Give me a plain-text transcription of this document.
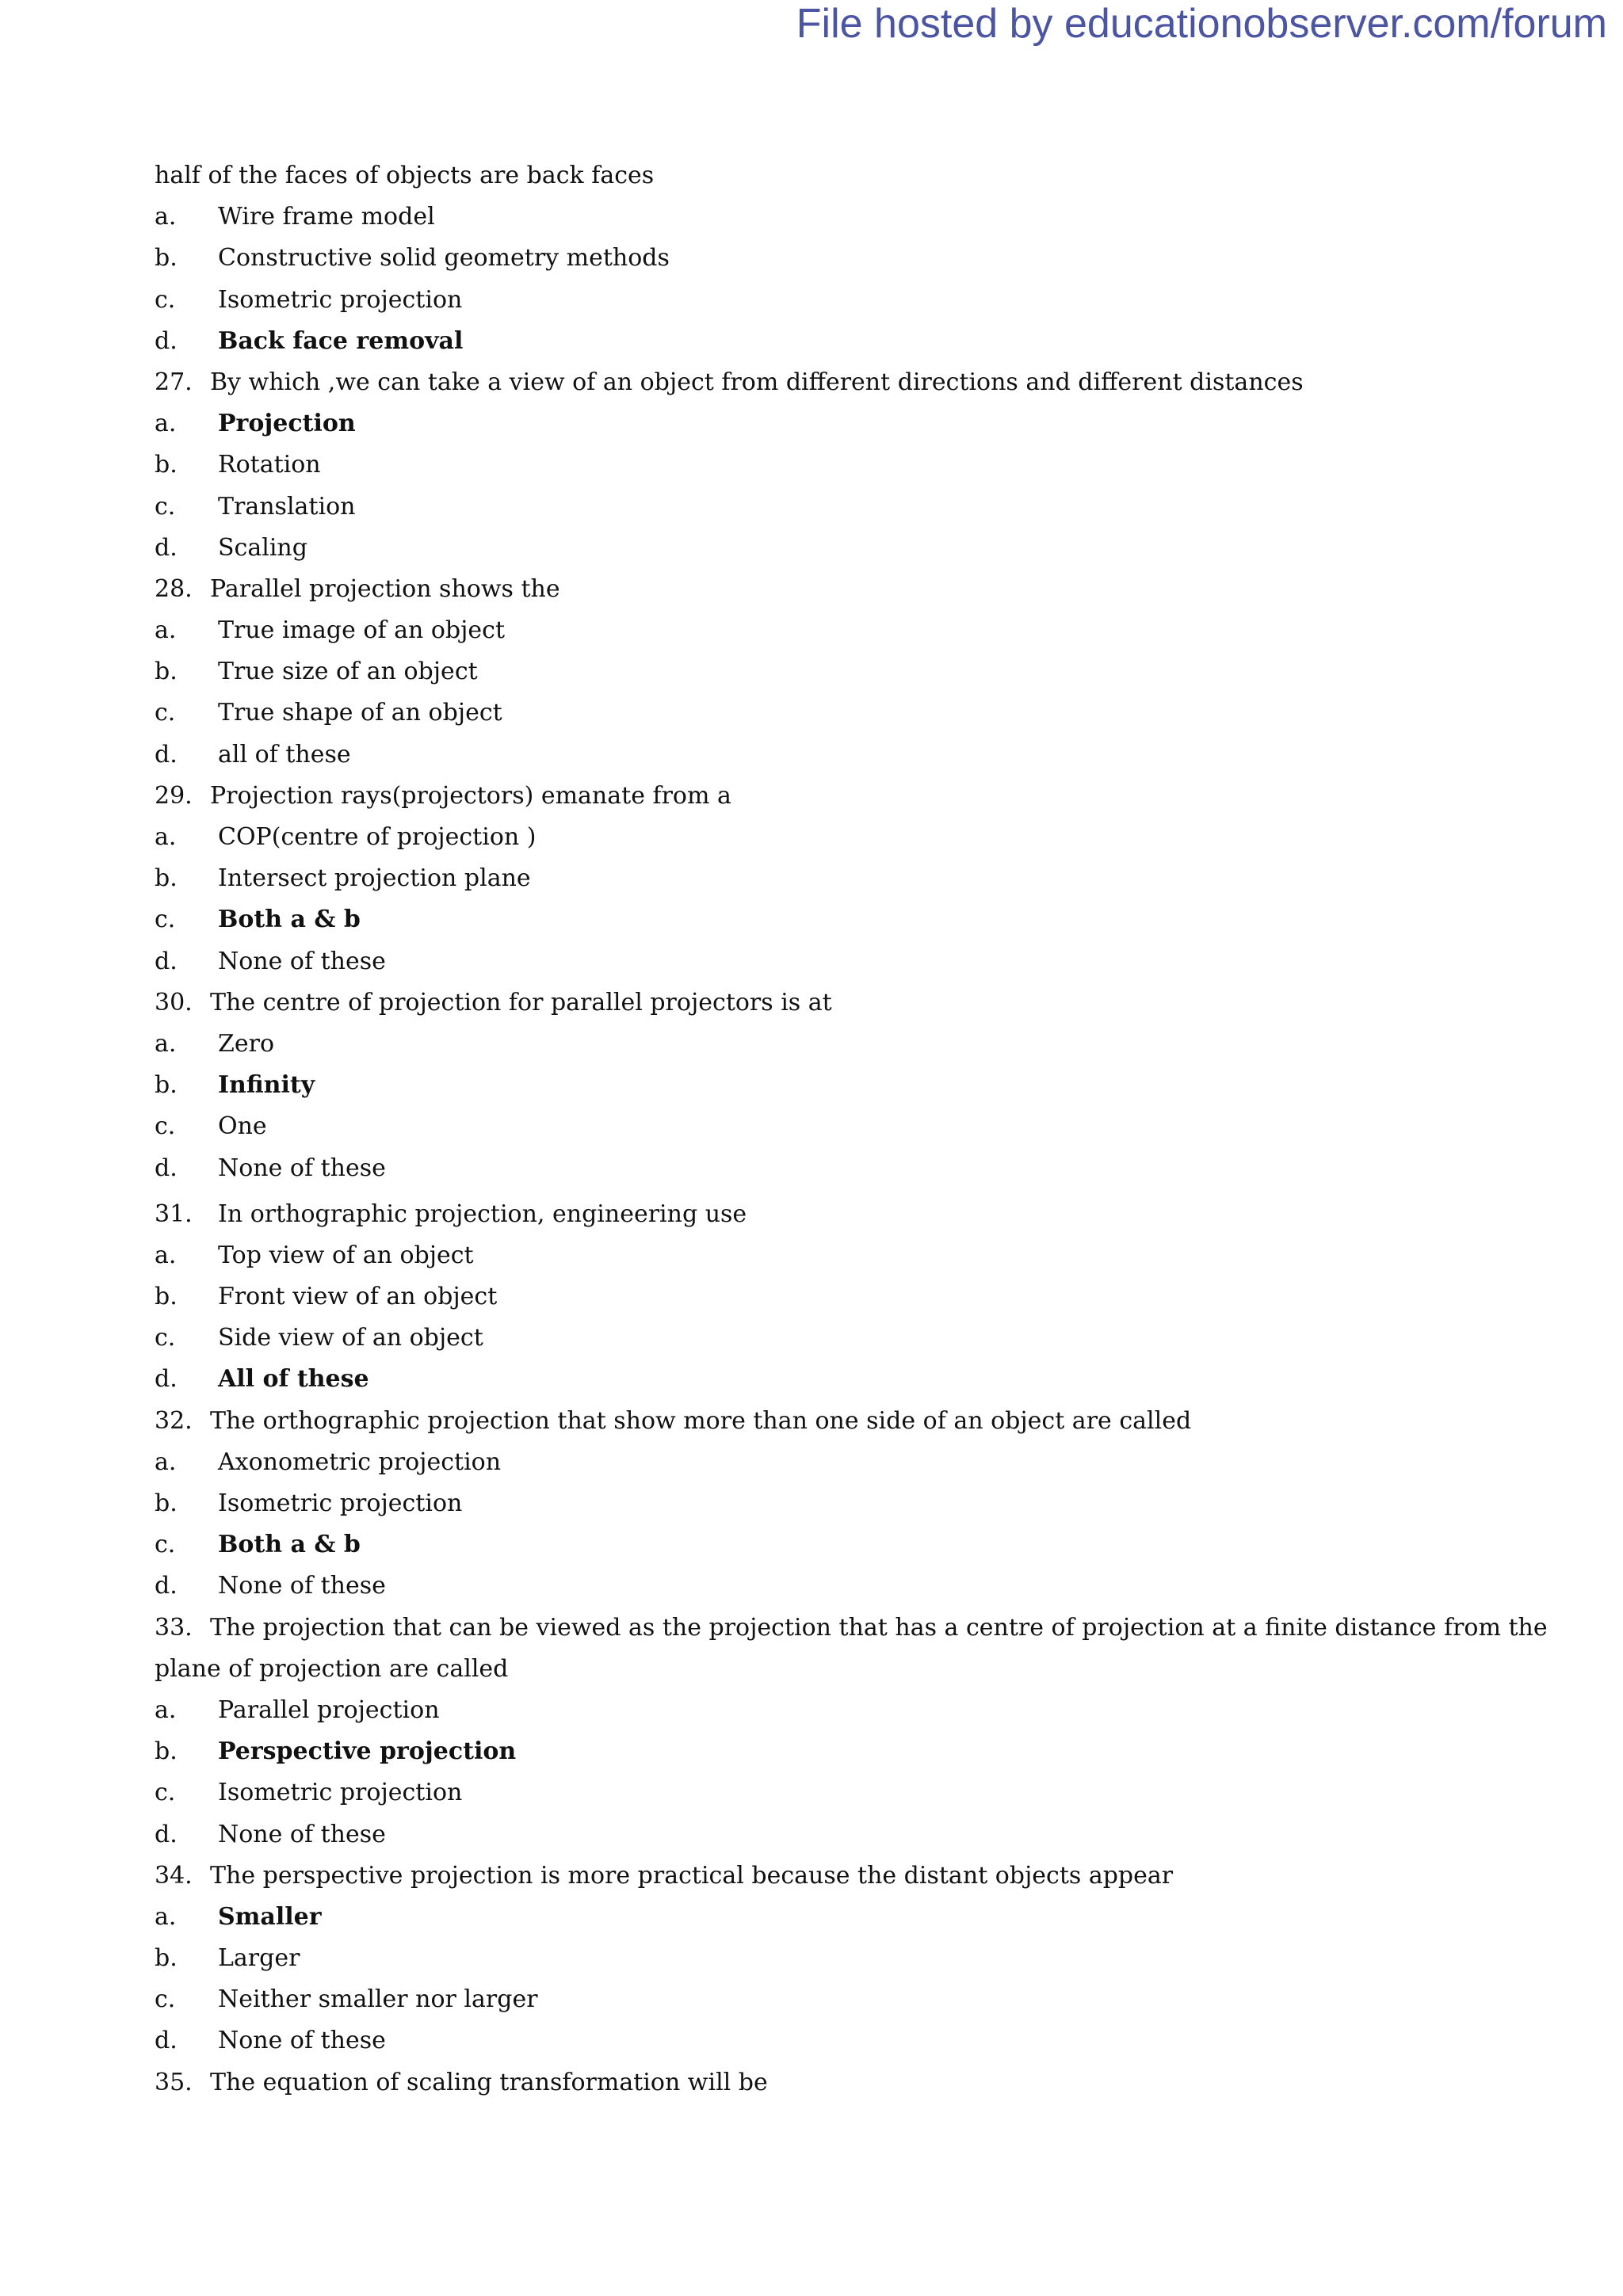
File hosted by educationobserver.com/forum
half of the faces of objects are back faces
a. Wire frame model
b. Constructive solid geometry methods
c. Isometric projection
d. Back face removal
27. By which ,we can take a view of an object from different directions and different distances
a. Projection
b. Rotation
c. Translation
d. Scaling
28. Parallel projection shows the
a. True image of an object
b. True size of an object
c. True shape of an object
d. all of these
29. Projection rays(projectors) emanate from a
a. COP(centre of projection )
b. Intersect projection plane
c. Both a & b
d. None of these
30. The centre of projection for parallel projectors is at
a. Zero
b. Infinity
c. One
d. None of these
31. In orthographic projection, engineering use
a. Top view of an object
b. Front view of an object
c. Side view of an object
d. All of these
32. The orthographic projection that show more than one side of an object are called
a. Axonometric projection
b. Isometric projection
c. Both a & b
d. None of these
33. The projection that can be viewed as the projection that has a centre of projection at a finite distance from the
plane of projection are called
a. Parallel projection
b. Perspective projection
c. Isometric projection
d. None of these
34. The perspective projection is more practical because the distant objects appear
a. Smaller
b. Larger
c. Neither smaller nor larger
d. None of these
35. The equation of scaling transformation will be
